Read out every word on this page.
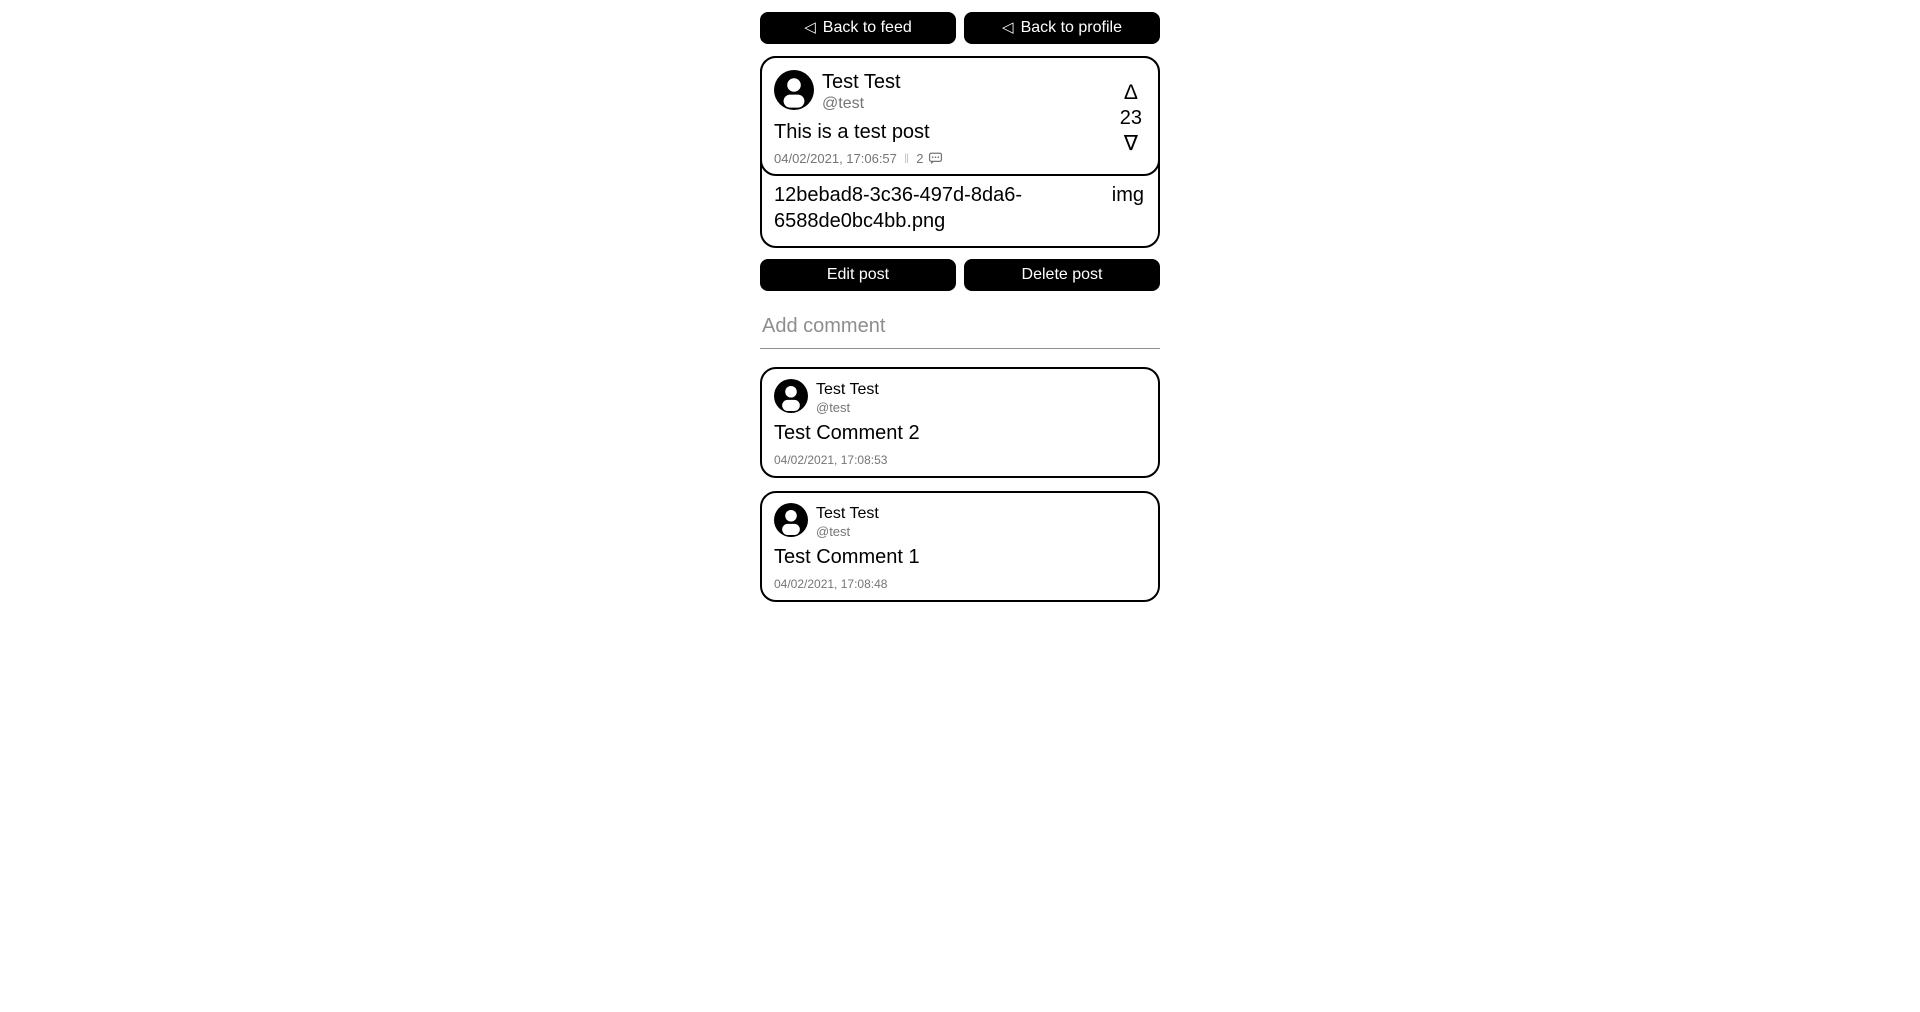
◁ Back to feed	◁ Back to profile
Test Test
@test
This is a test post
04/02/2021, 17:06:57 ‖ 2
Δ
23
∇
12bebad8-3c36-497d-8da6-6588de0bc4bb.png
img
Edit post	Delete post
Add comment
Test Test
@test
Test Comment 2
04/02/2021, 17:08:53
Test Test
@test
Test Comment 1
04/02/2021, 17:08:48
